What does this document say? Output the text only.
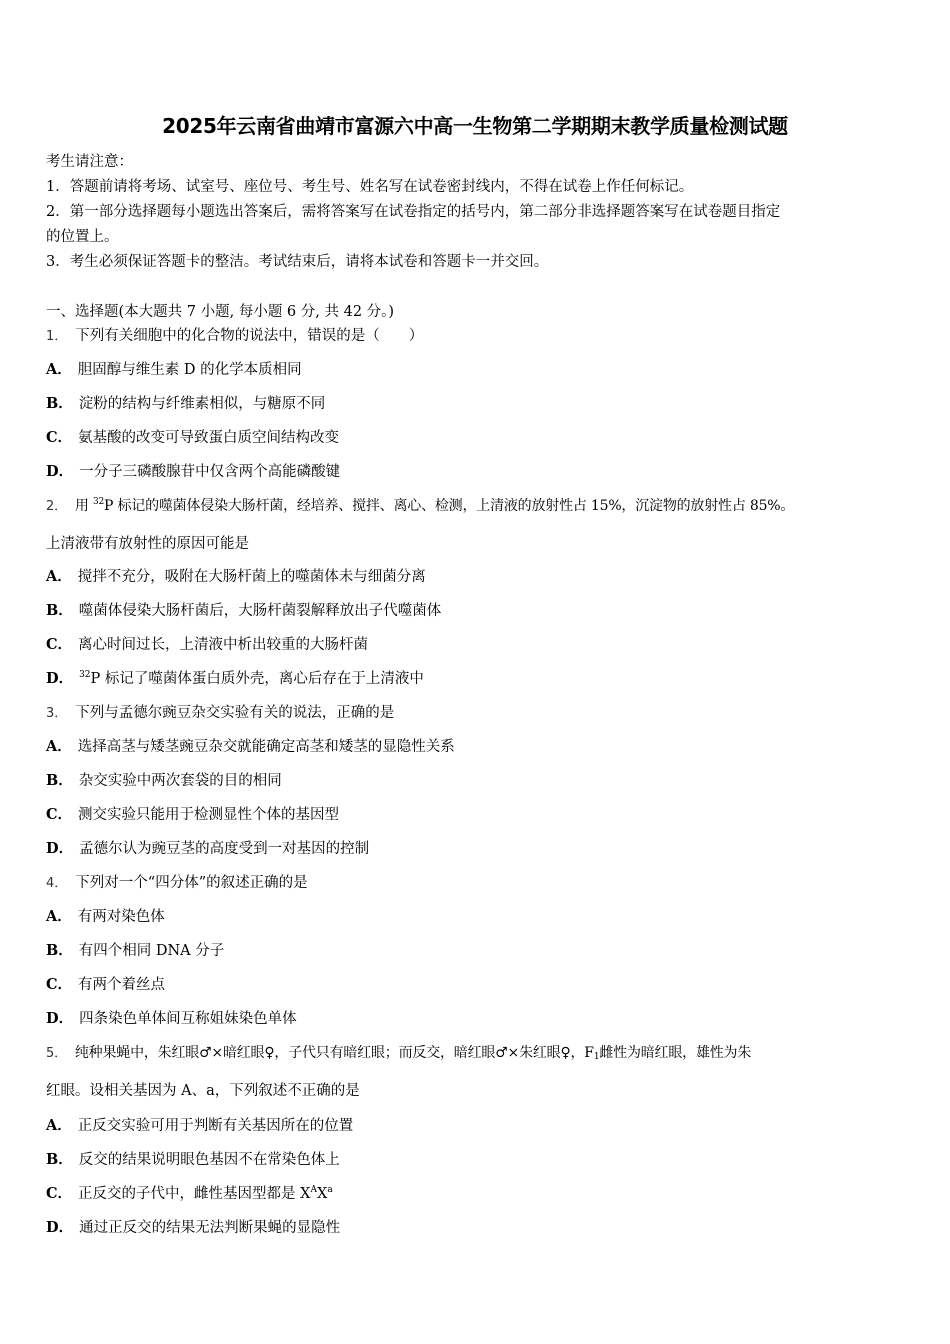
2025年云南省曲靖市富源六中高一生物第二学期期末教学质量检测试题
考生请注意：
1．答题前请将考场、试室号、座位号、考生号、姓名写在试卷密封线内，不得在试卷上作任何标记。
2．第一部分选择题每小题选出答案后，需将答案写在试卷指定的括号内，第二部分非选择题答案写在试卷题目指定
的位置上。
3．考生必须保证答题卡的整洁。考试结束后，请将本试卷和答题卡一并交回。
一、选择题(本大题共 7 小题, 每小题 6 分, 共 42 分。)
1． 下列有关细胞中的化合物的说法中，错误的是（　　）
A． 胆固醇与维生素 D 的化学本质相同
B． 淀粉的结构与纤维素相似，与糖原不同
C． 氨基酸的改变可导致蛋白质空间结构改变
D． 一分子三磷酸腺苷中仅含两个高能磷酸键
2． 用 $^{32}$P 标记的噬菌体侵染大肠杆菌，经培养、搅拌、离心、检测，上清液的放射性占 15%，沉淀物的放射性占 85%。
上清液带有放射性的原因可能是
A． 搅拌不充分，吸附在大肠杆菌上的噬菌体未与细菌分离
B． 噬菌体侵染大肠杆菌后，大肠杆菌裂解释放出子代噬菌体
C． 离心时间过长，上清液中析出较重的大肠杆菌
D． $^{32}$P 标记了噬菌体蛋白质外壳，离心后存在于上清液中
3． 下列与孟德尔豌豆杂交实验有关的说法，正确的是
A． 选择高茎与矮茎豌豆杂交就能确定高茎和矮茎的显隐性关系
B． 杂交实验中两次套袋的目的相同
C． 测交实验只能用于检测显性个体的基因型
D． 孟德尔认为豌豆茎的高度受到一对基因的控制
4． 下列对一个“四分体”的叙述正确的是
A． 有两对染色体
B． 有四个相同 DNA 分子
C． 有两个着丝点
D． 四条染色单体间互称姐妹染色单体
5． 纯种果蝇中，朱红眼♂×暗红眼♀，子代只有暗红眼；而反交，暗红眼♂×朱红眼♀，$F_1$雌性为暗红眼，雄性为朱
红眼。设相关基因为 A、a，下列叙述不正确的是
A． 正反交实验可用于判断有关基因所在的位置
B． 反交的结果说明眼色基因不在常染色体上
C． 正反交的子代中，雌性基因型都是 $X^AX^a$
D． 通过正反交的结果无法判断果蝇的显隐性
